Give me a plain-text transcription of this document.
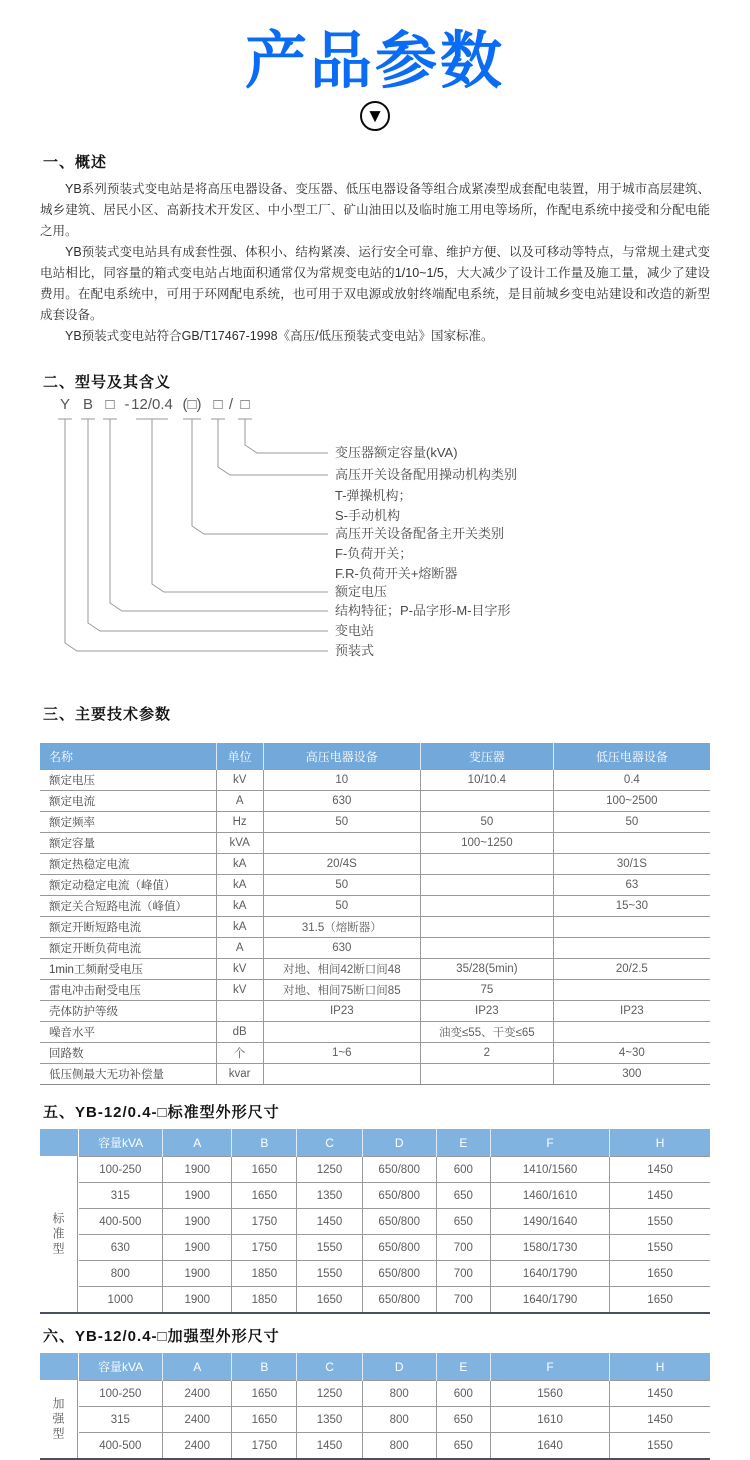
产品参数
▼
一、概述

YB系列预装式变电站是将高压电器设备、变压器、低压电器设备等组合成紧凑型成套配电装置，用于城市高层建筑、城乡建筑、居民小区、高新技术开发区、中小型工厂、矿山油田以及临时施工用电等场所，作配电系统中接受和分配电能之用。

YB预装式变电站具有成套性强、体积小、结构紧凑、运行安全可靠、维护方便、以及可移动等特点，与常规土建式变电站相比，同容量的箱式变电站占地面积通常仅为常规变电站的1/10~1/5，大大减少了设计工作量及施工量，减少了建设费用。在配电系统中，可用于环网配电系统，也可用于双电源或放射终端配电系统，是目前城乡变电站建设和改造的新型成套设备。

YB预装式变电站符合GB/T17467-1998《高压/低压预装式变电站》国家标准。

二、型号及其含义
Y B □ - 12/0.4 (□) □ / □
变压器额定容量(kVA)
高压开关设备配用操动机构类别
T-弹操机构；
S-手动机构
高压开关设备配备主开关类别
F-负荷开关；
F.R-负荷开关+熔断器
额定电压
结构特征；P-品字形-M-目字形
变电站
预装式
三、主要技术参数
名称	单位	高压电器设备	变压器	低压电器设备
额定电压	kV	10	10/10.4	0.4
额定电流	A	630		100~2500
额定频率	Hz	50	50	50
额定容量	kVA		100~1250	
额定热稳定电流	kA	20/4S		30/1S
额定动稳定电流（峰值）	kA	50		63
额定关合短路电流（峰值）	kA	50		15~30
额定开断短路电流	kA	31.5（熔断器）		
额定开断负荷电流	A	630		
1min工频耐受电压	kV	对地、相间42断口间48	35/28(5min)	20/2.5
雷电冲击耐受电压	kV	对地、相间75断口间85	75	
壳体防护等级		IP23	IP23	IP23
噪音水平	dB		油变≤55、干变≤65	
回路数	个	1~6	2	4~30
低压侧最大无功补偿量	kvar			300
五、YB-12/0.4-□标准型外形尺寸
标准型
容量kVA	A	B	C	D	E	F	H
100-250	1900	1650	1250	650/800	600	1410/1560	1450
315	1900	1650	1350	650/800	650	1460/1610	1450
400-500	1900	1750	1450	650/800	650	1490/1640	1550
630	1900	1750	1550	650/800	700	1580/1730	1550
800	1900	1850	1550	650/800	700	1640/1790	1650
1000	1900	1850	1650	650/800	700	1640/1790	1650
六、YB-12/0.4-□加强型外形尺寸
加强型
容量kVA	A	B	C	D	E	F	H
100-250	2400	1650	1250	800	600	1560	1450
315	2400	1650	1350	800	650	1610	1450
400-500	2400	1750	1450	800	650	1640	1550
